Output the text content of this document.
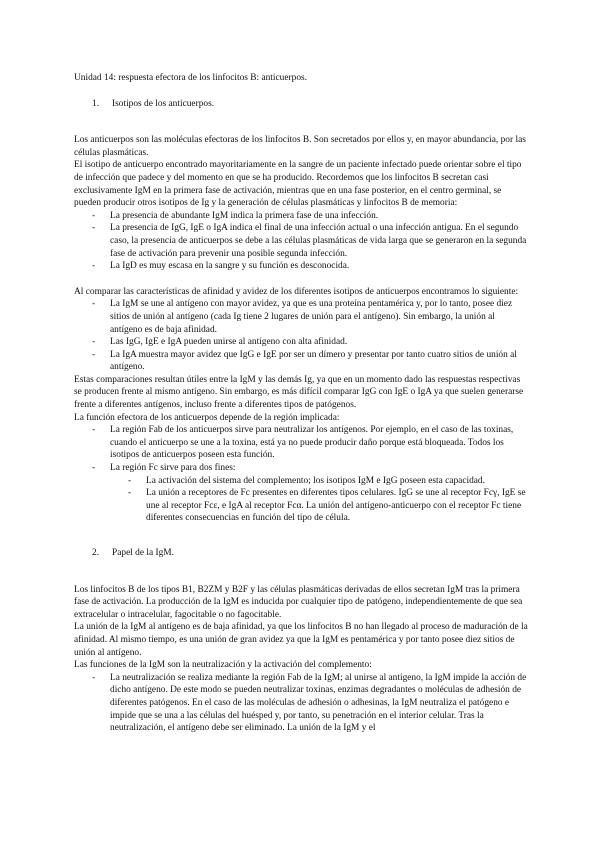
Unidad 14: respuesta efectora de los linfocitos B: anticuerpos.

1. Isotipos de los anticuerpos.

Los anticuerpos son las moléculas efectoras de los linfocitos B. Son secretados por ellos y, en mayor abundancia, por las células plasmáticas.

El isotipo de anticuerpo encontrado mayoritariamente en la sangre de un paciente infectado puede orientar sobre el tipo de infección que padece y del momento en que se ha producido. Recordemos que los linfocitos B secretan casi exclusivamente IgM en la primera fase de activación, mientras que en una fase posterior, en el centro germinal, se pueden producir otros isotipos de Ig y la generación de células plasmáticas y linfocitos B de memoria:

- La presencia de abundante IgM indica la primera fase de una infección.
- La presencia de IgG, IgE o IgA indica el final de una infección actual o una infección antigua. En el segundo caso, la presencia de anticuerpos se debe a las células plasmáticas de vida larga que se generaron en la segunda fase de activación para prevenir una posible segunda infección.
- La IgD es muy escasa en la sangre y su función es desconocida.

Al comparar las características de afinidad y avidez de los diferentes isotipos de anticuerpos encontramos lo siguiente:

- La IgM se une al antígeno con mayor avidez, ya que es una proteína pentamérica y, por lo tanto, posee diez sitios de unión al antígeno (cada Ig tiene 2 lugares de unión para el antígeno). Sin embargo, la unión al antígeno es de baja afinidad.
- Las IgG, IgE e IgA pueden unirse al antígeno con alta afinidad.
- La IgA muestra mayor avidez que IgG e IgE por ser un dímero y presentar por tanto cuatro sitios de unión al antígeno.

Estas comparaciones resultan útiles entre la IgM y las demás Ig, ya que en un momento dado las respuestas respectivas se producen frente al mismo antígeno. Sin embargo, es más difícil comparar IgG con IgE o IgA ya que suelen generarse frente a diferentes antígenos, incluso frente a diferentes tipos de patógenos.

La función efectora de los anticuerpos depende de la región implicada:

- La región Fab de los anticuerpos sirve para neutralizar los antígenos. Por ejemplo, en el caso de las toxinas, cuando el anticuerpo se une a la toxina, está ya no puede producir daño porque está bloqueada. Todos los isotipos de anticuerpos poseen esta función.
- La región Fc sirve para dos fines:
- La activación del sistema del complemento; los isotipos IgM e IgG poseen esta capacidad.
- La unión a receptores de Fc presentes en diferentes tipos celulares. IgG se une al receptor Fcγ, IgE se une al receptor Fcε, e IgA al receptor Fcα. La unión del antígeno-anticuerpo con el receptor Fc tiene diferentes consecuencias en función del tipo de célula.

2. Papel de la IgM.

Los linfocitos B de los tipos B1, B2ZM y B2F y las células plasmáticas derivadas de ellos secretan IgM tras la primera fase de activación. La producción de la IgM es inducida por cualquier tipo de patógeno, independientemente de que sea extracelular o intracelular, fagocitable o no fagocitable.

La unión de la IgM al antígeno es de baja afinidad, ya que los linfocitos B no han llegado al proceso de maduración de la afinidad. Al mismo tiempo, es una unión de gran avidez ya que la IgM es pentamérica y por tanto posee diez sitios de unión al antígeno.

Las funciones de la IgM son la neutralización y la activación del complemento:

- La neutralización se realiza mediante la región Fab de la IgM; al unirse al antígeno, la IgM impide la acción de dicho antígeno. De este modo se pueden neutralizar toxinas, enzimas degradantes o moléculas de adhesión de diferentes patógenos. En el caso de las moléculas de adhesión o adhesinas, la IgM neutraliza el patógeno e impide que se una a las células del huésped y, por tanto, su penetración en el interior celular. Tras la neutralización, el antígeno debe ser eliminado. La unión de la IgM y el
